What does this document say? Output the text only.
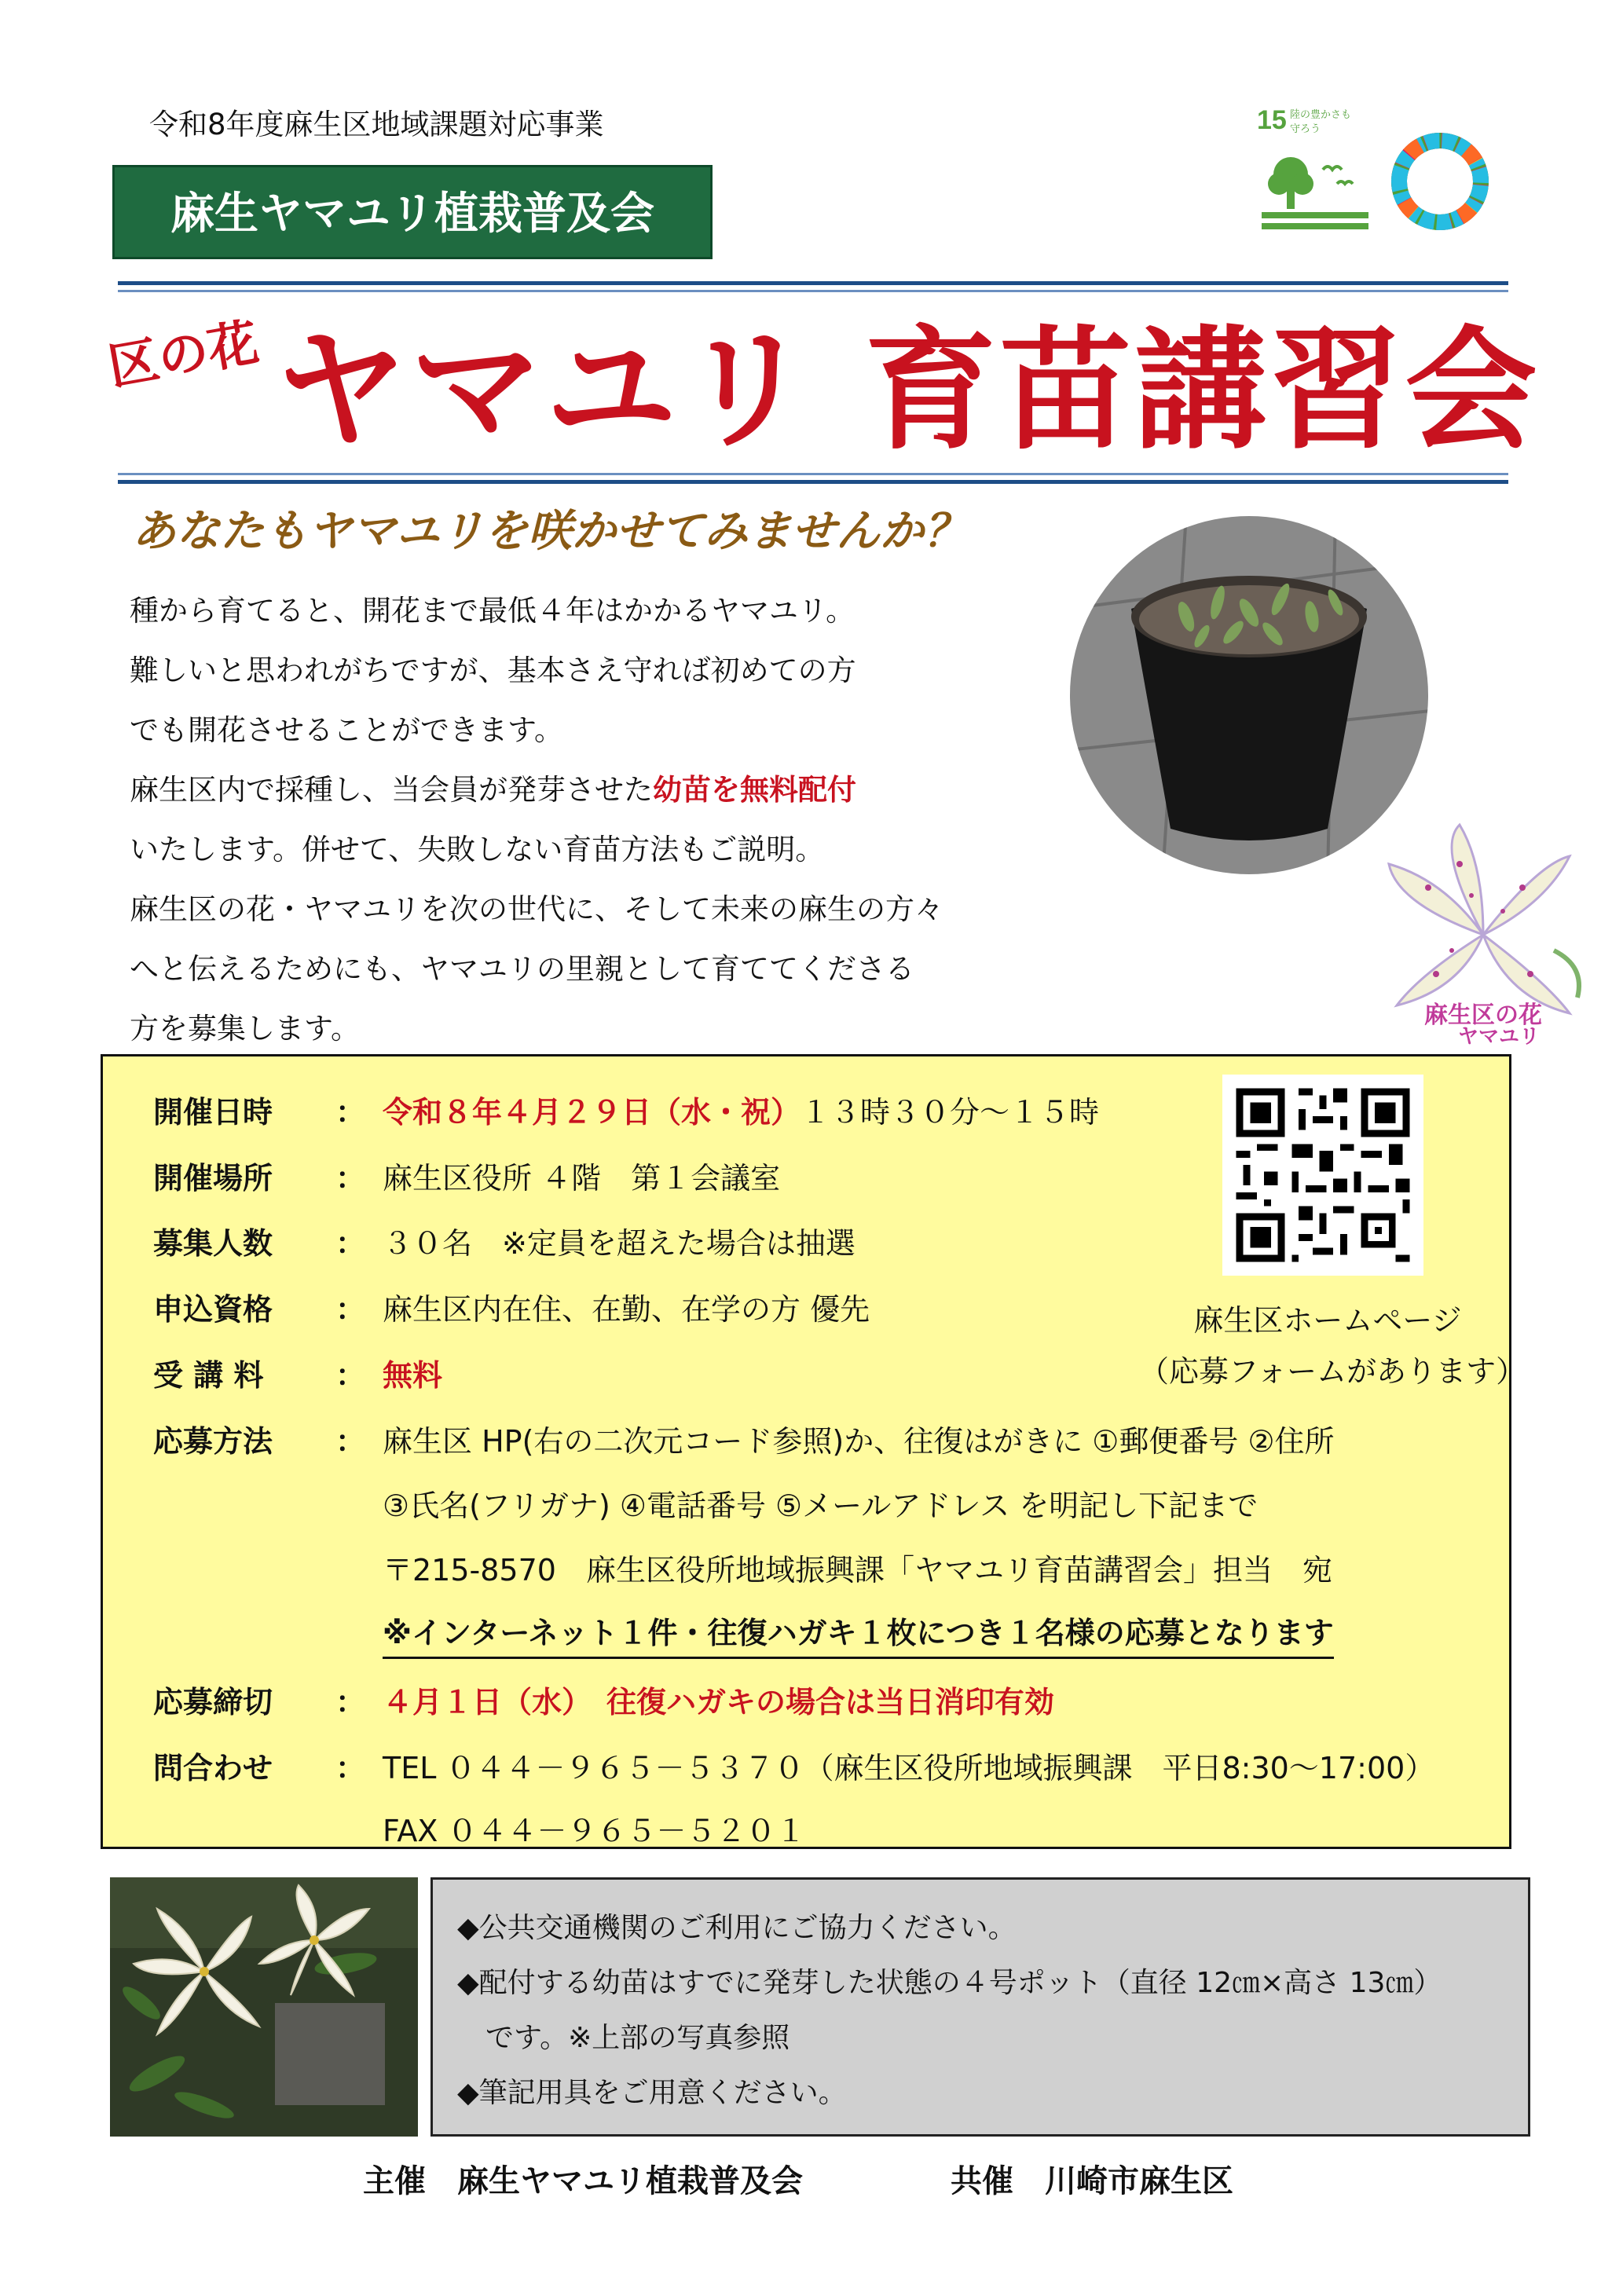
令和8年度麻生区地域課題対応事業
麻生ヤマユリ植栽普及会
15 陸の豊かさも
守ろう
区の花 ヤマユリ 育苗講習会
あなたもヤマユリを咲かせてみませんか？

種から育てると、開花まで最低４年はかかるヤマユリ。

難しいと思われがちですが、基本さえ守れば初めての方

でも開花させることができます。

麻生区内で採種し、当会員が発芽させた幼苗を無料配付

いたします。併せて、失敗しない育苗方法もご説明。

麻生区の花・ヤマユリを次の世代に、そして未来の麻生の方々

へと伝えるためにも、ヤマユリの里親として育ててくださる

方を募集します。	麻生区の花
ヤマユリ
開催日時	： 令和８年４月２９日（水・祝）１３時３０分～１５時
開催場所	： 麻生区役所 ４階　第１会議室
募集人数	： ３０名　※定員を超えた場合は抽選
申込資格	： 麻生区内在住、在勤、在学の方 優先
受 講 料	： 無料
応募方法	： 麻生区 HP(右の二次元コード参照)か、往復はがきに ①郵便番号 ②住所
③氏名(フリガナ) ④電話番号 ⑤メールアドレス を明記し下記まで
〒215-8570　麻生区役所地域振興課「ヤマユリ育苗講習会」担当　宛
※インターネット１件・往復ハガキ１枚につき１名様の応募となります
応募締切	： ４月１日（水）　往復ハガキの場合は当日消印有効
問合わせ	： TEL ０４４－９６５－５３７０（麻生区役所地域振興課　平日8:30～17:00）
FAX ０４４－９６５－５２０１
麻生区ホームページ
（応募フォームがあります）

◆公共交通機関のご利用にご協力ください。

◆配付する幼苗はすでに発芽した状態の４号ポット（直径 12㎝×高さ 13㎝）

　です。※上部の写真参照

◆筆記用具をご用意ください。

主催　麻生ヤマユリ植栽普及会	共催　川崎市麻生区
